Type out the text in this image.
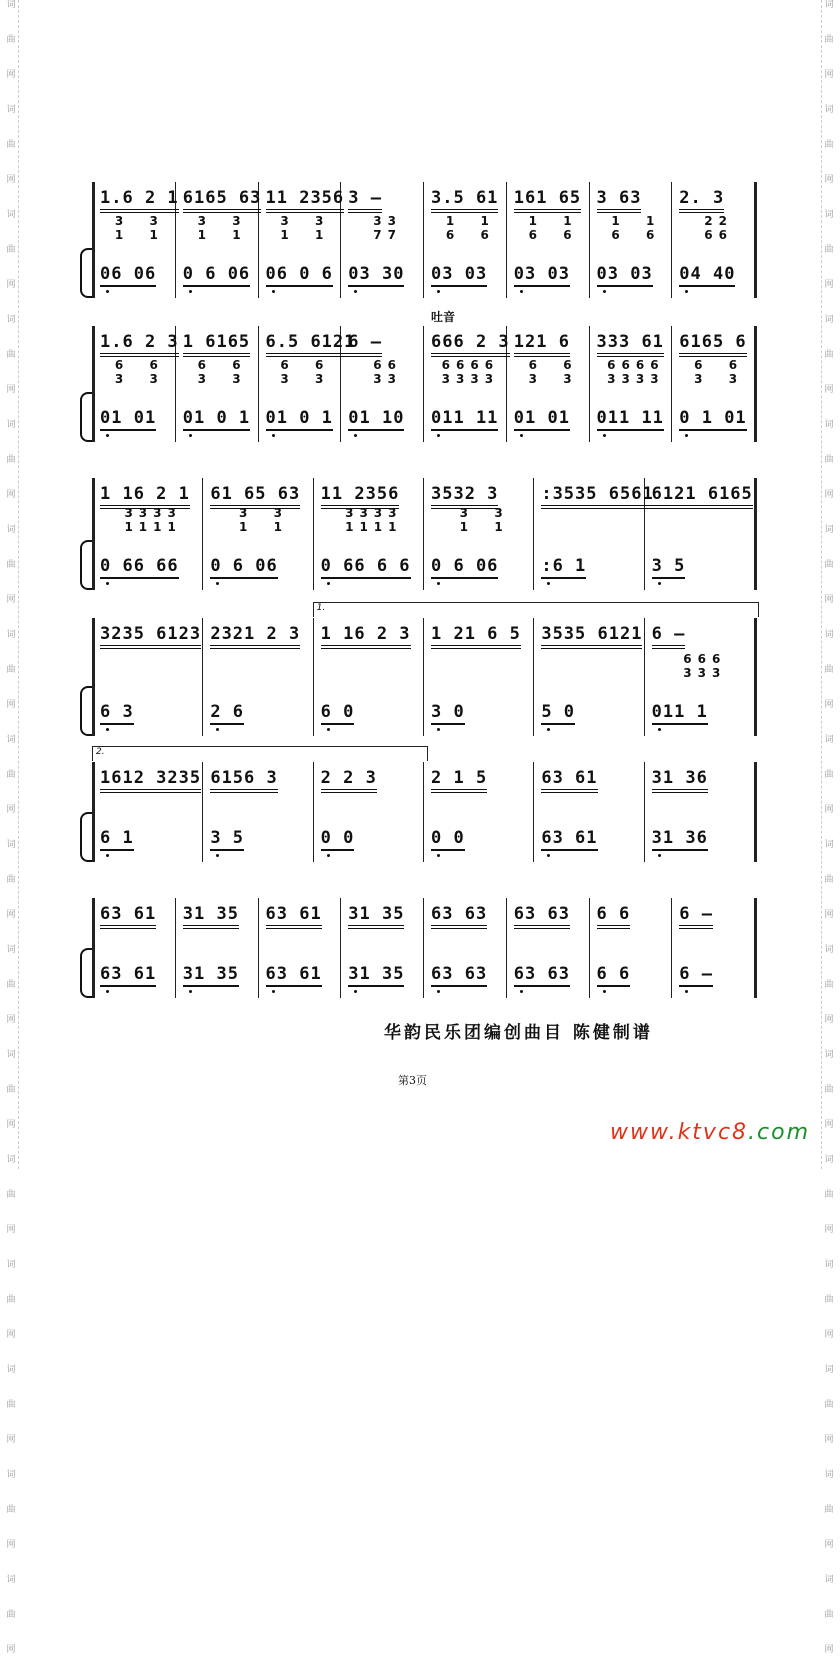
词
曲
网
词
曲
网
词
曲
网
词
曲
网
词
曲
网
词
曲
网
词
曲
网
词
曲
网
词
曲
网
词
曲
网
词
曲
网
词
曲
网
词
曲
网
词
曲
网
词
曲
网
词
曲
网
词
曲
网
词
曲
网
词
曲
网
词
曲
网
词
曲
网
词
曲
网
词
曲
网
词
曲
网
词
曲
网
词
曲
网
词
曲
网
词
曲
网
词
曲
网
词
曲
网
词
曲
网
词
曲
网
1.6 2 1
3  3
1  1
06 06
6165 63
3  3
1  1
0 6 06
11 2356
3  3
1  1
06 0 6
3 –
33
77
03 30
3.5 61
1  1
6  6
03 03
161 65
1  1
6  6
03 03
3 63
1  1
6  6
03 03
2. 3
22
66
04 40
吐音
1.6 2 3
6  6
3  3
01 01
1 6165
6  6
3  3
01 0 1
6.5 6121
6  6
3  3
01 0 1
6 –
66
33
01 10
666 2 3
6666
3333
011 11
121 6
6  6
3  3
01 01
333 61
6666
3333
011 11
6165 6
6  6
3  3
0 1 01
1 16 2 1
3333
1111
0 66 66
61 65 63
3  3
1  1
0 6 06
11 2356
3333
1111
0 66 6 6
3532 3
3  3
1  1
0 6 06
:3535 6561
:6 1
6121 6165
3 5
1.
3235 6123
6 3
2321 2 3
2 6
1 16 2 3
6 0
1 21 6 5
3 0
3535 6121
5 0
6 –
666
333
011 1
2.
1612 3235
6 1
6156 3
3 5
2 2 3
0 0
2 1 5
0 0
63 61
63 61
31 36
31 36
63 61
63 61
31 35
31 35
63 61
63 61
31 35
31 35
63 63
63 63
63 63
63 63
6 6
6 6
6 –
6 –
华韵民乐团编创曲目 陈健制谱
第3页
www.ktvc8.com
